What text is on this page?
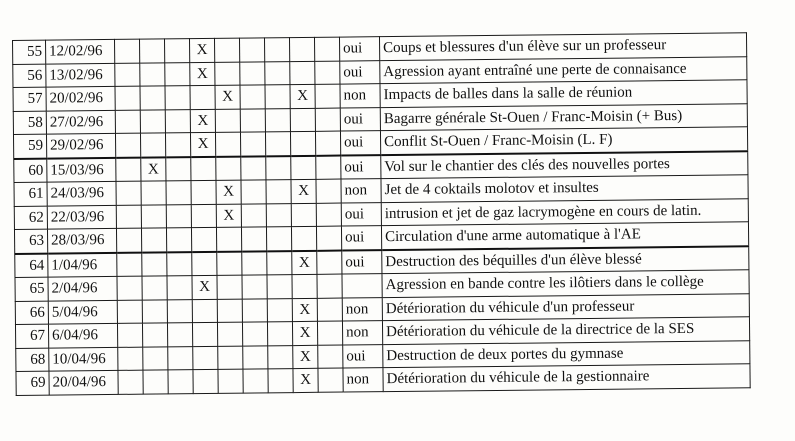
55	12/02/96				X						oui	Coups et blessures d'un élève sur un professeur
56	13/02/96				X						oui	Agression ayant entraîné une perte de connaisance
57	20/02/96					X			X		non	Impacts de balles dans la salle de réunion
58	27/02/96				X						oui	Bagarre générale St-Ouen / Franc-Moisin (+ Bus)
59	29/02/96				X						oui	Conflit St-Ouen / Franc-Moisin (L. F)
60	15/03/96		X								oui	Vol sur le chantier des clés des nouvelles portes
61	24/03/96					X			X		non	Jet de 4 coktails molotov et insultes
62	22/03/96					X					oui	intrusion et jet de gaz lacrymogène en cours de latin.
63	28/03/96										oui	Circulation d'une arme automatique à l'AE
64	1/04/96								X		oui	Destruction des béquilles d'un élève blessé
65	2/04/96				X							Agression en bande contre les ilôtiers dans le collège
66	5/04/96								X		non	Détérioration du véhicule d'un professeur
67	6/04/96								X		non	Détérioration du véhicule de la directrice de la SES
68	10/04/96								X		oui	Destruction de deux portes du gymnase
69	20/04/96								X		non	Détérioration du véhicule de la gestionnaire
